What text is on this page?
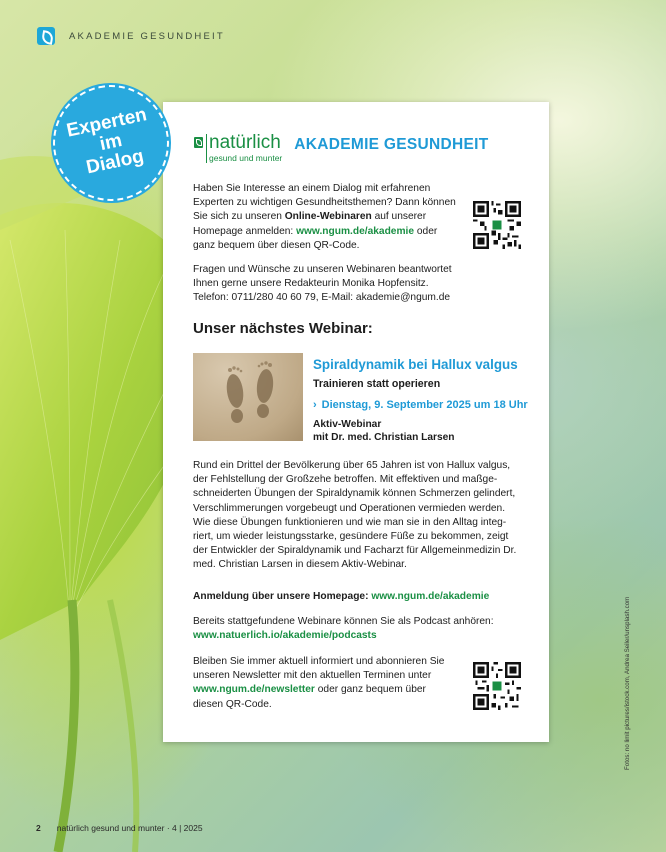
AKADEMIE GESUNDHEIT
natürlich
gesund und munter
AKADEMIE GESUNDHEIT
Haben Sie Interesse an einem Dialog mit erfahrenen Experten zu wichtigen Gesundheitsthemen? Dann können Sie sich zu unseren Online-Webinaren auf unserer Homepage anmelden: www.ngum.de/akademie oder ganz bequem über diesen QR-Code.
Fragen und Wünsche zu unseren Webinaren beantwortet Ihnen gerne unsere Redakteurin Monika Hopfensitz. Telefon: 0711/280 40 60 79, E-Mail: akademie@ngum.de
Unser nächstes Webinar:
Spiraldynamik bei Hallux valgus
Trainieren statt operieren
› Dienstag, 9. September 2025 um 18 Uhr
Aktiv-Webinar
mit Dr. med. Christian Larsen
Rund ein Drittel der Bevölkerung über 65 Jahren ist von Hallux valgus, der Fehlstellung der Großzehe betroffen. Mit effektiven und maßge-schneiderten Übungen der Spiraldynamik können Schmerzen gelindert, Verschlimmerungen vorgebeugt und Operationen vermieden werden. Wie diese Übungen funktionieren und wie man sie in den Alltag integ-riert, um wieder leistungsstarke, gesündere Füße zu bekommen, zeigt der Entwickler der Spiraldynamik und Facharzt für Allgemeinmedizin Dr. med. Christian Larsen in diesem Aktiv-Webinar.
Anmeldung über unsere Homepage: www.ngum.de/akademie
Bereits stattgefundene Webinare können Sie als Podcast anhören:
www.natuerlich.io/akademie/podcasts
Bleiben Sie immer aktuell informiert und abonnieren Sie unseren Newsletter mit den aktuellen Terminen unter www.ngum.de/newsletter oder ganz bequem über diesen QR-Code.
Experten
im
Dialog
Fotos: no limit pictures/istock.com, Andrea Seiler/unsplash.com
2 natürlich gesund und munter · 4 | 2025
